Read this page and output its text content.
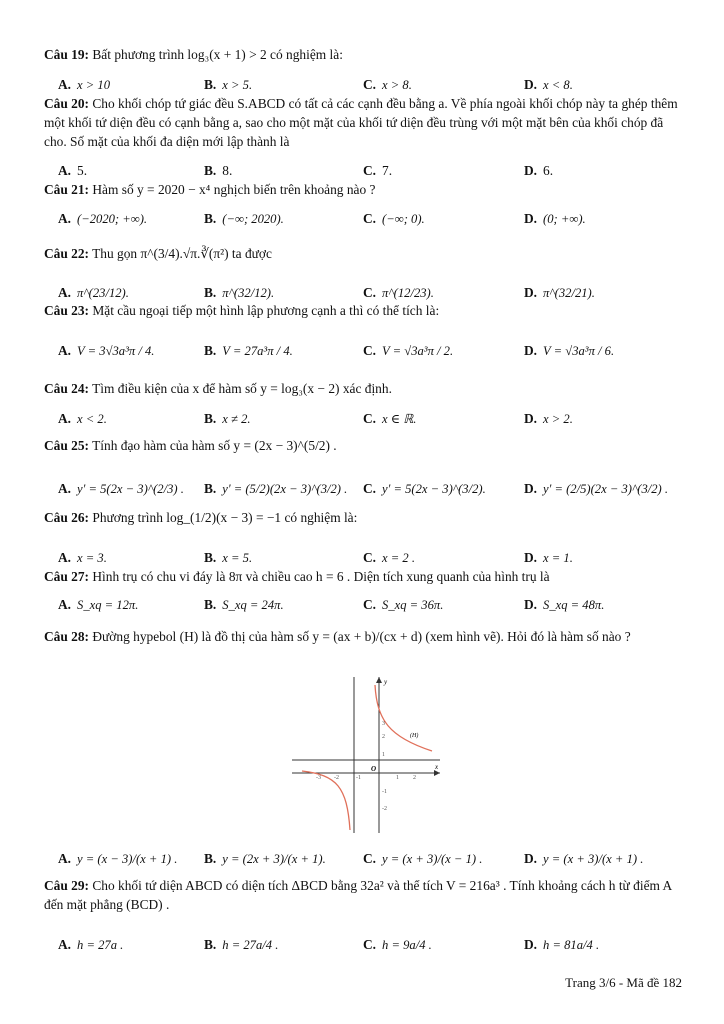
Câu 19: Bất phương trình log₃(x + 1) > 2 có nghiệm là:
A. x > 10	B. x > 5.	C. x > 8.	D. x < 8.
Câu 20: Cho khối chóp tứ giác đều S.ABCD có tất cả các cạnh đều bằng a. Về phía ngoài khối chóp này ta ghép thêm một khối tứ diện đều có cạnh bằng a, sao cho một mặt của khối tứ diện đều trùng với một mặt bên của khối chóp đã cho. Số mặt của khối đa diện mới lập thành là
A. 5.	B. 8.	C. 7.	D. 6.
Câu 21: Hàm số y = 2020 − x⁴ nghịch biến trên khoảng nào ?
A. (−2020; +∞).	B. (−∞; 2020).	C. (−∞; 0).	D. (0; +∞).
Câu 22: Thu gọn π^(3/4).√π.∛(π²) ta được
A. π^(23/12).	B. π^(32/12).	C. π^(12/23).	D. π^(32/21).
Câu 23: Mặt cầu ngoại tiếp một hình lập phương cạnh a thì có thể tích là:
A. V = 3√3a³π / 4.	B. V = 27a³π / 4.	C. V = √3a³π / 2.	D. V = √3a³π / 6.
Câu 24: Tìm điều kiện của x để hàm số y = log₃(x − 2) xác định.
A. x < 2.	B. x ≠ 2.	C. x ∈ ℝ.	D. x > 2.
Câu 25: Tính đạo hàm của hàm số y = (2x − 3)^(5/2) .
A. y' = 5(2x − 3)^(2/3) . B. y' = (5/2)(2x − 3)^(3/2) . C. y' = 5(2x − 3)^(3/2).	D. y' = (2/5)(2x − 3)^(3/2) .
Câu 26: Phương trình log_(1/2)(x − 3) = −1 có nghiệm là:
A. x = 3.	B. x = 5.	C. x = 2 .	D. x = 1.
Câu 27: Hình trụ có chu vi đáy là 8π và chiều cao h = 6 . Diện tích xung quanh của hình trụ là
A. S_xq = 12π.	B. S_xq = 24π.	C. S_xq = 36π.	D. S_xq = 48π.
Câu 28: Đường hypebol (H) là đồ thị của hàm số y = (ax + b)/(cx + d) (xem hình vẽ). Hỏi đó là hàm số nào ?
y
x
O
(H)
3
2
1
-1
-2
-3 -2	-1	1 2
A. y = (x − 3)/(x + 1) . B. y = (2x + 3)/(x + 1).	C. y = (x + 3)/(x − 1) .	D. y = (x + 3)/(x + 1) .
Câu 29: Cho khối tứ diện ABCD có diện tích ΔBCD bằng 32a² và thể tích V = 216a³ . Tính khoảng cách h từ điểm A đến mặt phẳng (BCD) .
A. h = 27a .	B. h = 27a/4 .	C. h = 9a/4 .	D. h = 81a/4 .
Trang 3/6 - Mã đề 182
